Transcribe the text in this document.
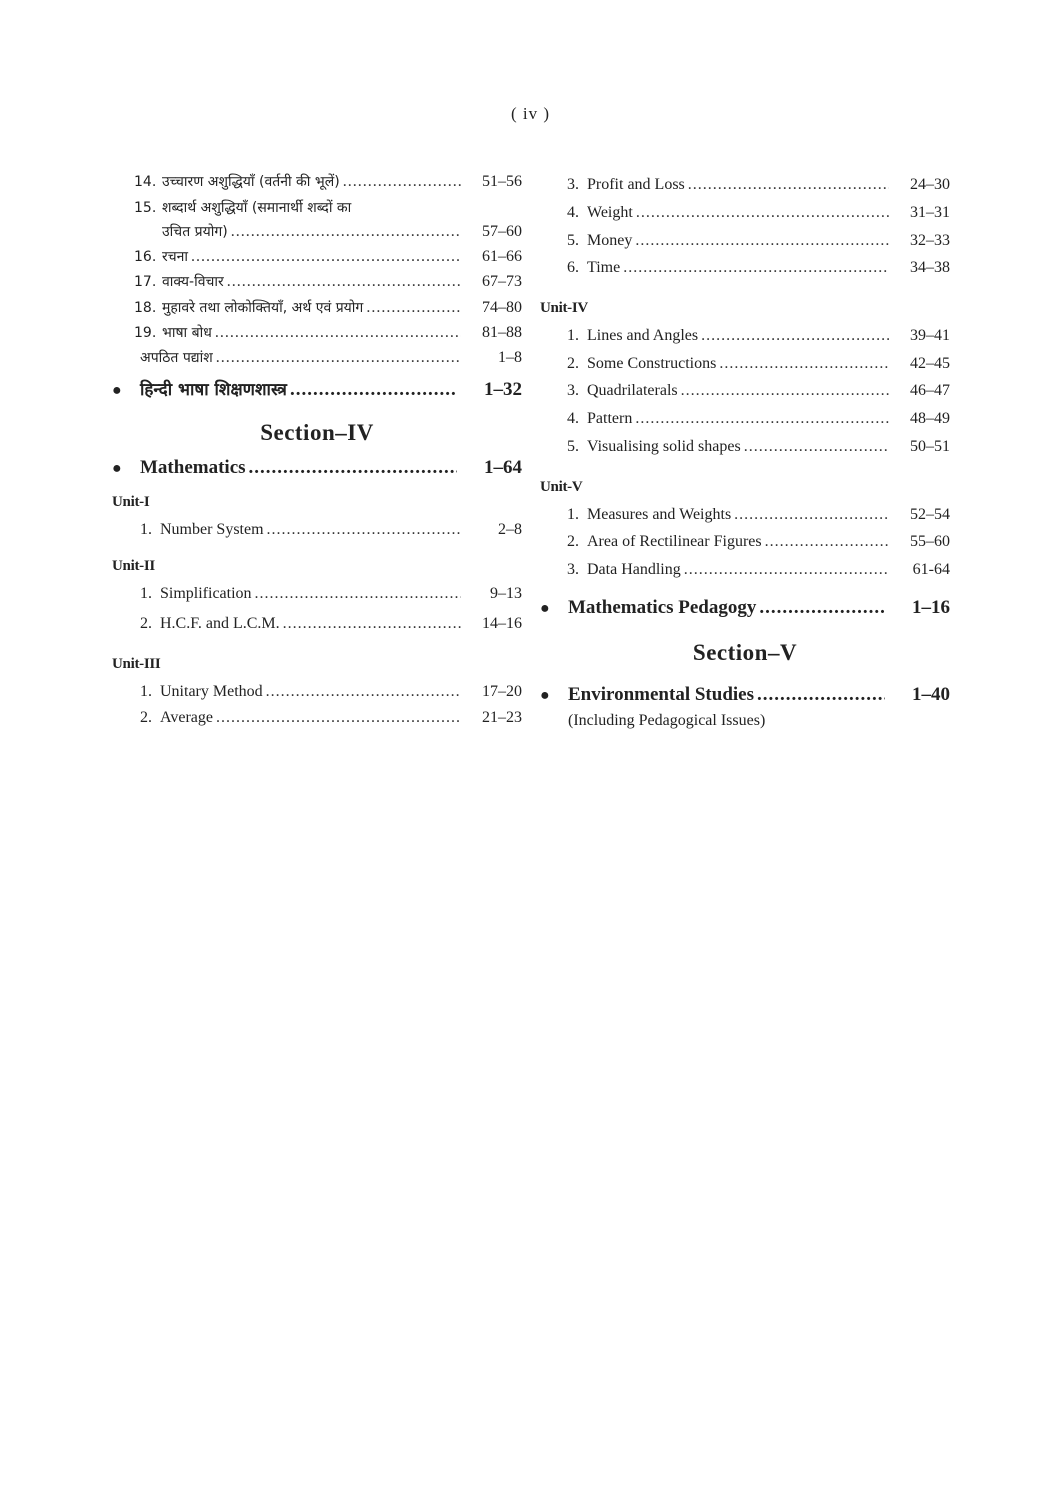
( iv )
14. उच्चारण अशुद्धियाँ (वर्तनी की भूलें) .....	51–56
15. शब्दार्थ अशुद्धियाँ (समानार्थी शब्दों का
उचित प्रयोग) .....	57–60
16. रचना .....	61–66
17. वाक्य-विचार .....	67–73
18. मुहावरे तथा लोकोक्तियाँ, अर्थ एवं प्रयोग .....	74–80
19. भाषा बोध .....	81–88
अपठित पद्यांश .....	1–8
●	हिन्दी भाषा शिक्षणशास्त्र .....	1–32
Section–IV
● Mathematics .....	1–64
Unit-I
1. Number System .....	2–8
Unit-II
1. Simplification .....	9–13
2. H.C.F. and L.C.M. .....	14–16
Unit-III
1. Unitary Method .....	17–20
2. Average .....	21–23
3. Profit and Loss .....	24–30
4. Weight .....	31–31
5. Money .....	32–33
6. Time .....	34–38
Unit-IV
1. Lines and Angles .....	39–41
2. Some Constructions .....	42–45
3. Quadrilaterals .....	46–47
4. Pattern .....	48–49
5. Visualising solid shapes .....	50–51
Unit-V
1. Measures and Weights .....	52–54
2. Area of Rectilinear Figures .....	55–60
3. Data Handling .....	61-64
● Mathematics Pedagogy .....	1–16
Section–V
● Environmental Studies .....	1–40
(Including Pedagogical Issues)
